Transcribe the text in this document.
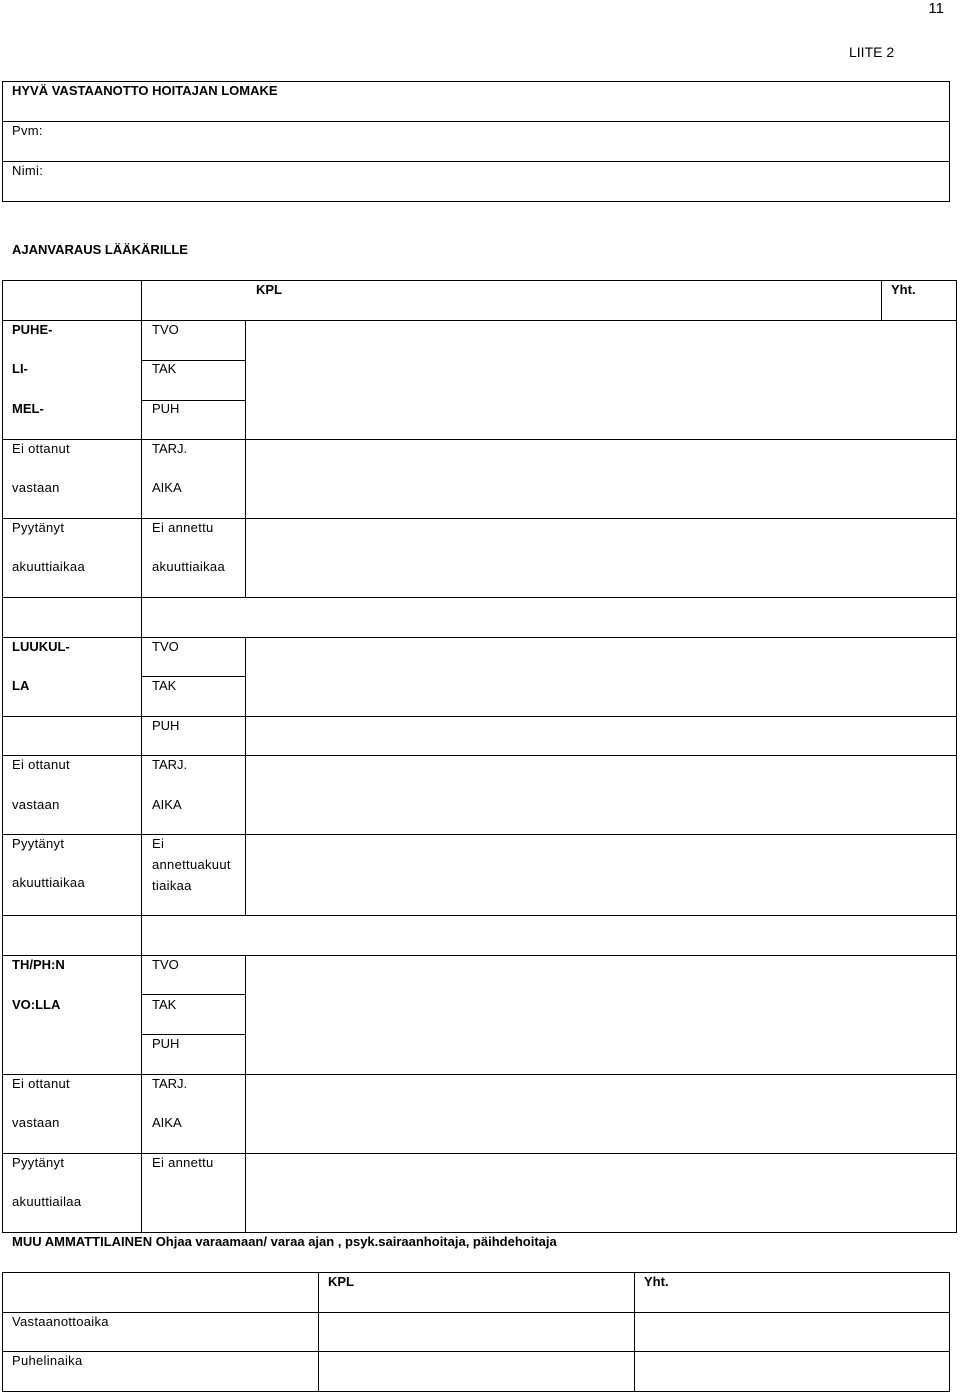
11
LIITE 2
HYVÄ VASTAANOTTO HOITAJAN LOMAKE
Pvm:
Nimi:
AJANVARAUS LÄÄKÄRILLE
KPL	Yht.
PUHE-
LI-
MEL-
TVO
TAK
PUH
Ei ottanut
vastaan
TARJ.
AIKA
Pyytänyt
akuuttiaikaa
Ei annettu
akuuttiaikaa
LUUKUL-
LA
TVO
TAK
PUH
Ei ottanut
vastaan
TARJ.
AIKA
Pyytänyt
akuuttiaikaa
Ei
annettuakuut
tiaikaa
TH/PH:N
VO:LLA
TVO
TAK
PUH
Ei ottanut
vastaan
TARJ.
AIKA
Pyytänyt
akuuttiailaa
Ei annettu
MUU AMMATTILAINEN Ohjaa varaamaan/ varaa ajan , psyk.sairaanhoitaja, päihdehoitaja
KPL	Yht.
Vastaanottoaika
Puhelinaika
